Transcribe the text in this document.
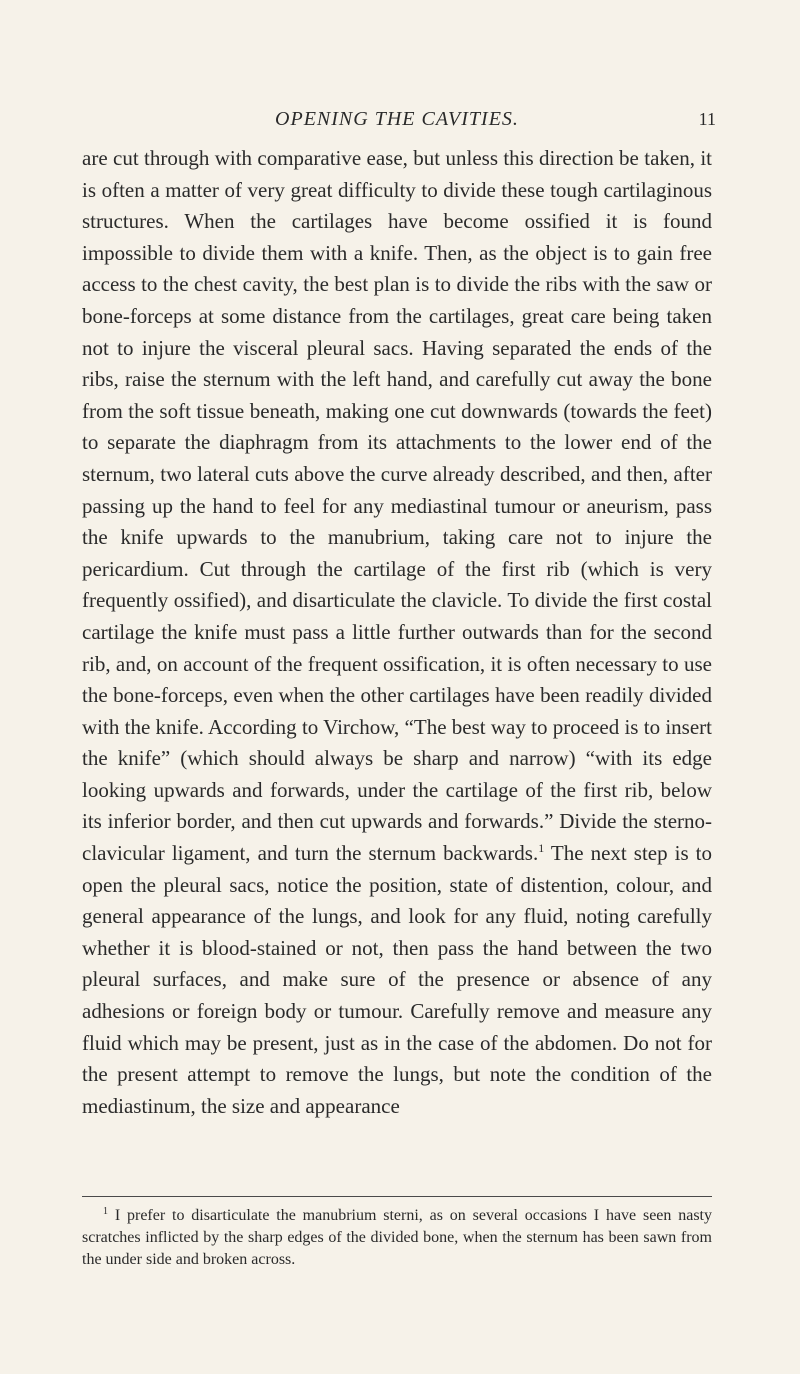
OPENING THE CAVITIES.	11

are cut through with comparative ease, but unless this direction be taken, it is often a matter of very great difficulty to divide these tough cartilaginous structures. When the cartilages have become ossified it is found impossible to divide them with a knife. Then, as the object is to gain free access to the chest cavity, the best plan is to divide the ribs with the saw or bone-forceps at some distance from the cartilages, great care being taken not to injure the visceral pleural sacs. Having separated the ends of the ribs, raise the sternum with the left hand, and carefully cut away the bone from the soft tissue beneath, making one cut downwards (towards the feet) to separate the diaphragm from its attachments to the lower end of the sternum, two lateral cuts above the curve already described, and then, after passing up the hand to feel for any mediastinal tumour or aneurism, pass the knife upwards to the manubrium, taking care not to injure the pericardium. Cut through the cartilage of the first rib (which is very frequently ossified), and disarticulate the clavicle. To divide the first costal cartilage the knife must pass a little further outwards than for the second rib, and, on account of the frequent ossification, it is often necessary to use the bone-forceps, even when the other cartilages have been readily divided with the knife. According to Virchow, “The best way to proceed is to insert the knife” (which should always be sharp and narrow) “with its edge looking upwards and forwards, under the cartilage of the first rib, below its inferior border, and then cut upwards and forwards.” Divide the sterno-clavicular ligament, and turn the sternum backwards.$^1$ The next step is to open the pleural sacs, notice the position, state of distention, colour, and general appearance of the lungs, and look for any fluid, noting carefully whether it is blood-stained or not, then pass the hand between the two pleural surfaces, and make sure of the presence or absence of any adhesions or foreign body or tumour. Carefully remove and measure any fluid which may be present, just as in the case of the abdomen. Do not for the present attempt to remove the lungs, but note the condition of the mediastinum, the size and appearance

$^1$ I prefer to disarticulate the manubrium sterni, as on several occasions I have seen nasty scratches inflicted by the sharp edges of the divided bone, when the sternum has been sawn from the under side and broken across.
